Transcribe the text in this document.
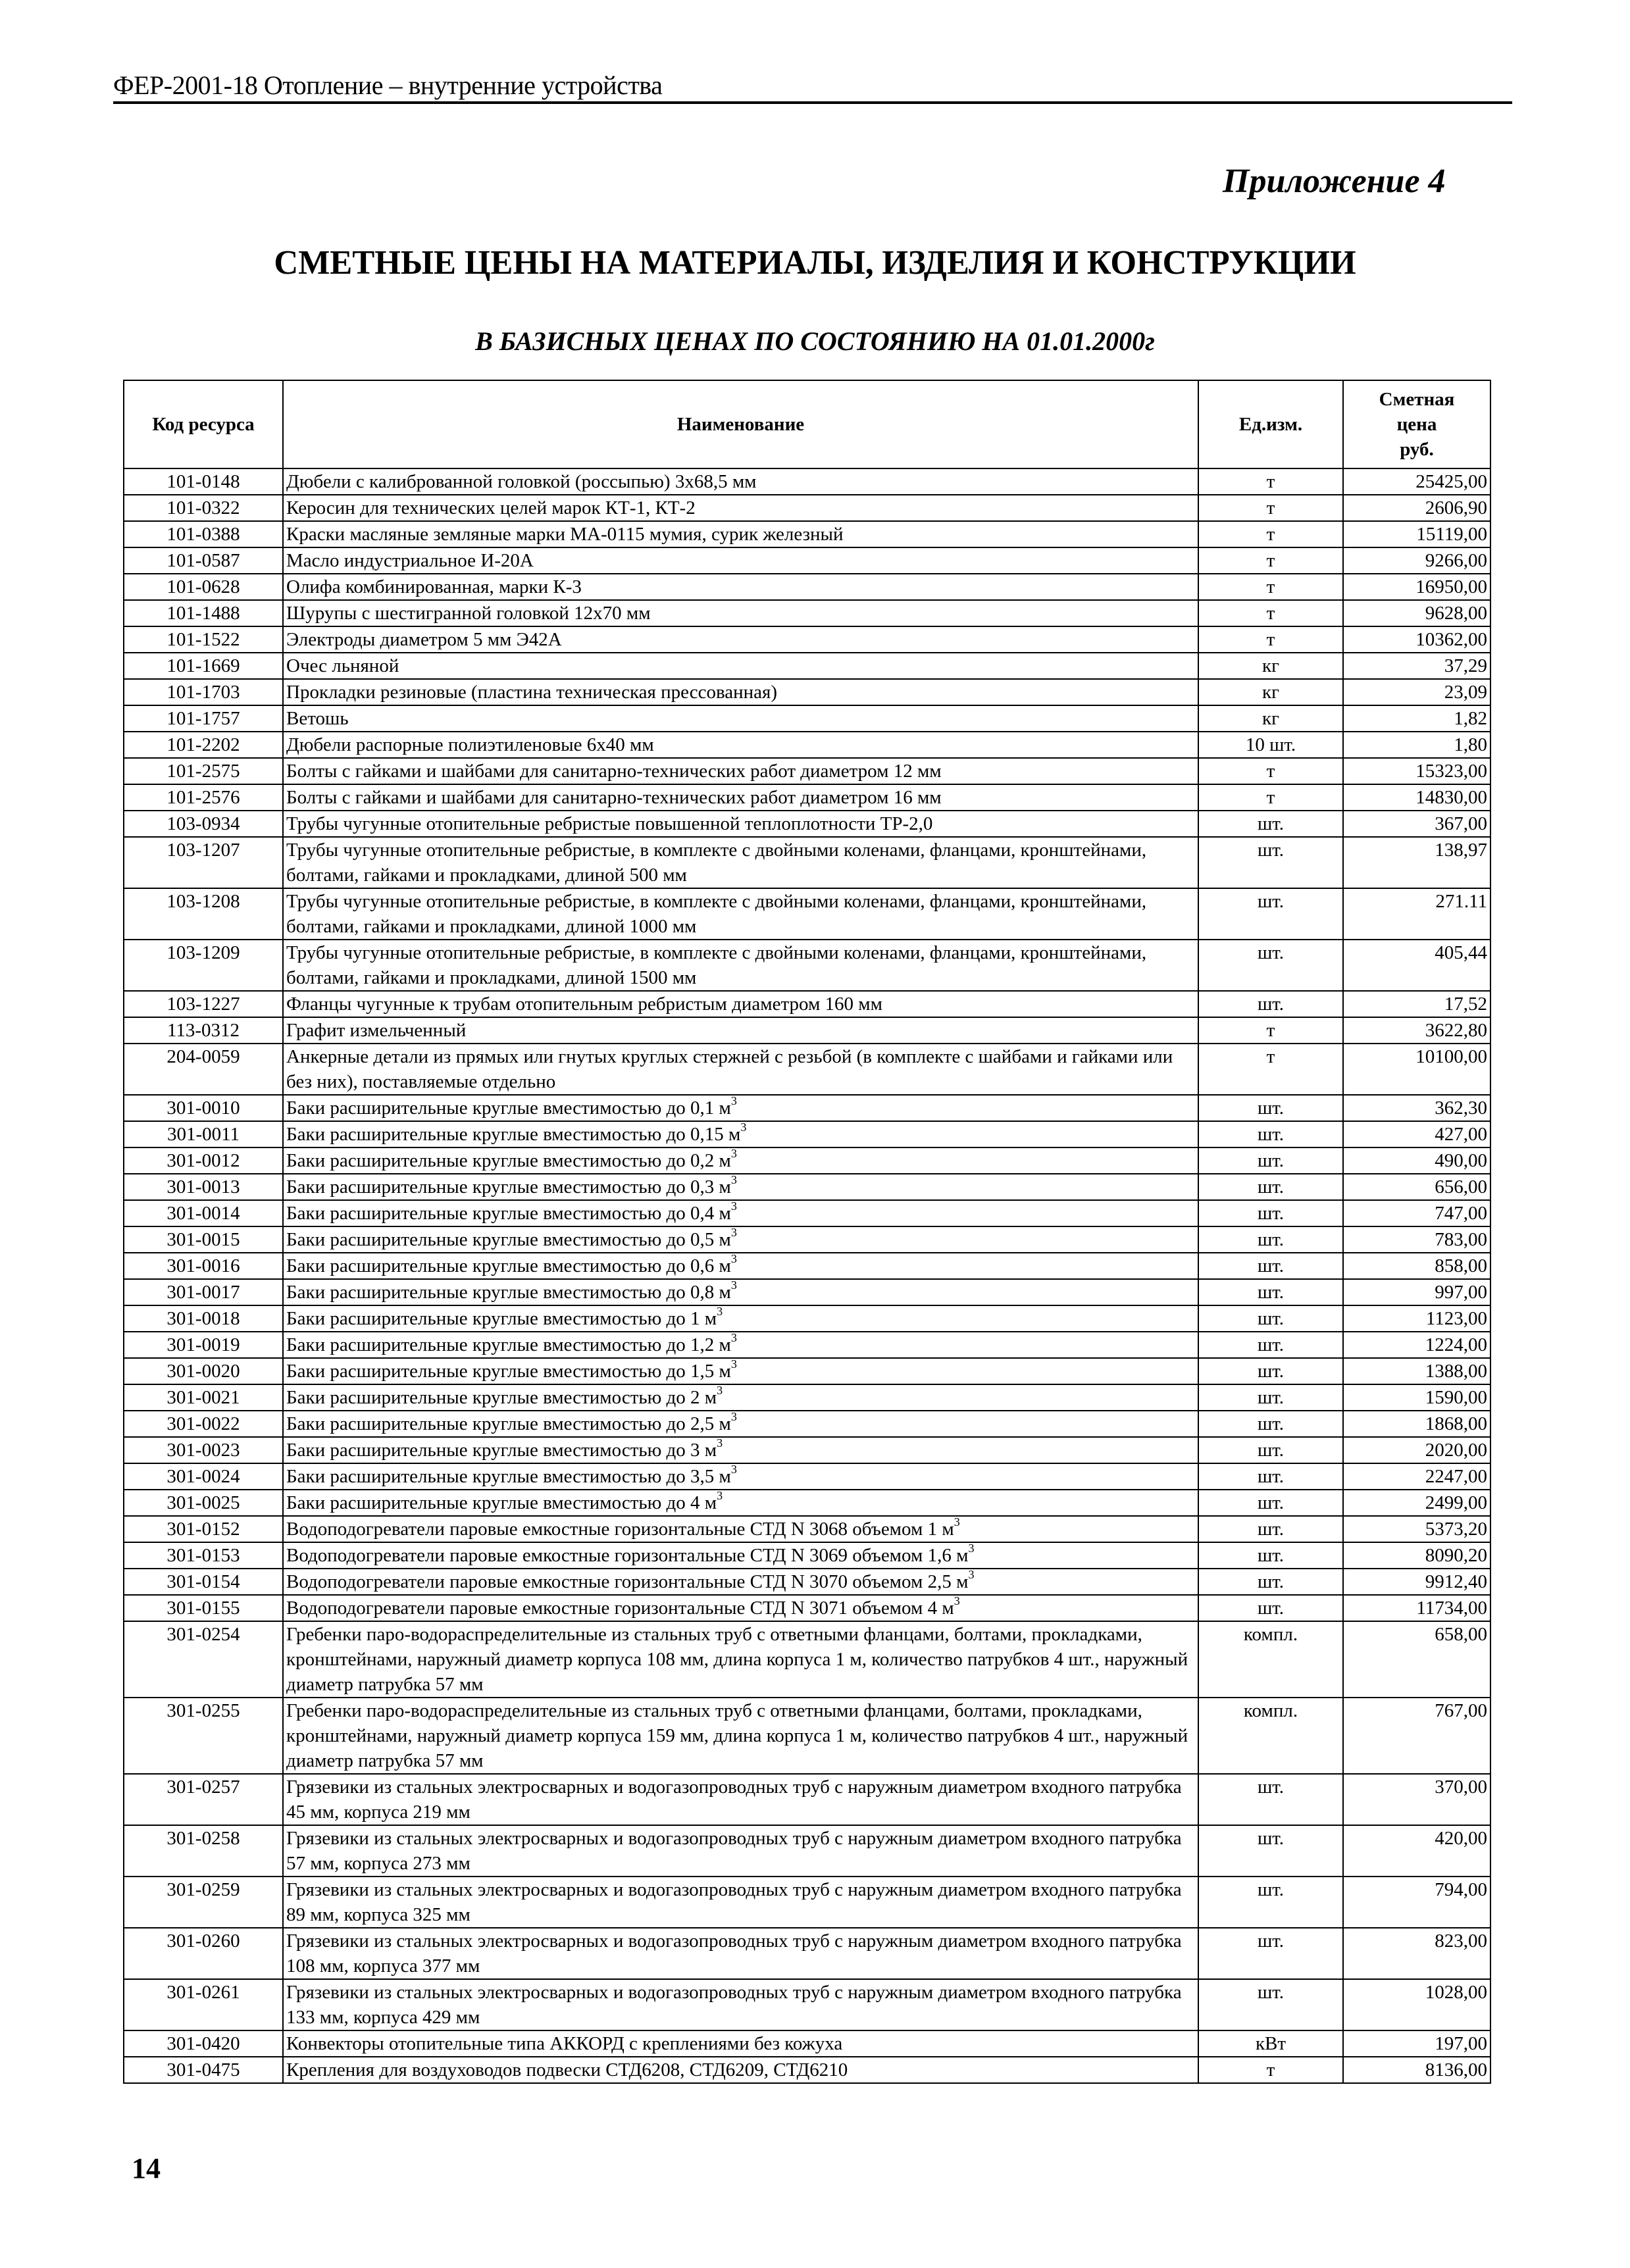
ФЕР-2001-18 Отопление – внутренние устройства
Приложение 4
СМЕТНЫЕ ЦЕНЫ НА МАТЕРИАЛЫ, ИЗДЕЛИЯ И КОНСТРУКЦИИ
В БАЗИСНЫХ ЦЕНАХ ПО СОСТОЯНИЮ НА 01.01.2000г
Код ресурса	Наименование	Ед.изм.	Сметная
цена
руб.

101-0148	Дюбели с калиброванной головкой (россыпью) 3х68,5 мм	т	25425,00
101-0322	Керосин для технических целей марок КТ-1, КТ-2	т	2606,90
101-0388	Краски масляные земляные марки МА-0115 мумия, сурик железный	т	15119,00
101-0587	Масло индустриальное И-20А	т	9266,00
101-0628	Олифа комбинированная, марки К-3	т	16950,00
101-1488	Шурупы с шестигранной головкой 12х70 мм	т	9628,00
101-1522	Электроды диаметром 5 мм Э42А	т	10362,00
101-1669	Очес льняной	кг	37,29
101-1703	Прокладки резиновые (пластина техническая прессованная)	кг	23,09
101-1757	Ветошь	кг	1,82
101-2202	Дюбели распорные полиэтиленовые 6х40 мм	10 шт.	1,80
101-2575	Болты с гайками и шайбами для санитарно-технических работ диаметром 12 мм	т	15323,00
101-2576	Болты с гайками и шайбами для санитарно-технических работ диаметром 16 мм	т	14830,00
103-0934	Трубы чугунные отопительные ребристые повышенной теплоплотности ТР-2,0	шт.	367,00
103-1207	Трубы чугунные отопительные ребристые, в комплекте с двойными коленами, фланцами, кронштейнами, болтами, гайками и прокладками, длиной 500 мм	шт.	138,97
103-1208	Трубы чугунные отопительные ребристые, в комплекте с двойными коленами, фланцами, кронштейнами, болтами, гайками и прокладками, длиной 1000 мм	шт.	271.11
103-1209	Трубы чугунные отопительные ребристые, в комплекте с двойными коленами, фланцами, кронштейнами, болтами, гайками и прокладками, длиной 1500 мм	шт.	405,44
103-1227	Фланцы чугунные к трубам отопительным ребристым диаметром 160 мм	шт.	17,52
113-0312	Графит измельченный	т	3622,80
204-0059	Анкерные детали из прямых или гнутых круглых стержней с резьбой (в комплекте с шайбами и гайками или без них), поставляемые отдельно	т	10100,00
301-0010	Баки расширительные круглые вместимостью до 0,1 $м^3$	шт.	362,30
301-0011	Баки расширительные круглые вместимостью до 0,15 $м^3$	шт.	427,00
301-0012	Баки расширительные круглые вместимостью до 0,2 $м^3$	шт.	490,00
301-0013	Баки расширительные круглые вместимостью до 0,3 $м^3$	шт.	656,00
301-0014	Баки расширительные круглые вместимостью до 0,4 $м^3$	шт.	747,00
301-0015	Баки расширительные круглые вместимостью до 0,5 $м^3$	шт.	783,00
301-0016	Баки расширительные круглые вместимостью до 0,6 $м^3$	шт.	858,00
301-0017	Баки расширительные круглые вместимостью до 0,8 $м^3$	шт.	997,00
301-0018	Баки расширительные круглые вместимостью до 1 $м^3$	шт.	1123,00
301-0019	Баки расширительные круглые вместимостью до 1,2 $м^3$	шт.	1224,00
301-0020	Баки расширительные круглые вместимостью до 1,5 $м^3$	шт.	1388,00
301-0021	Баки расширительные круглые вместимостью до 2 $м^3$	шт.	1590,00
301-0022	Баки расширительные круглые вместимостью до 2,5 $м^3$	шт.	1868,00
301-0023	Баки расширительные круглые вместимостью до 3 $м^3$	шт.	2020,00
301-0024	Баки расширительные круглые вместимостью до 3,5 $м^3$	шт.	2247,00
301-0025	Баки расширительные круглые вместимостью до 4 $м^3$	шт.	2499,00
301-0152	Водоподогреватели паровые емкостные горизонтальные СТД N 3068 объемом 1 $м^3$	шт.	5373,20
301-0153	Водоподогреватели паровые емкостные горизонтальные СТД N 3069 объемом 1,6 $м^3$	шт.	8090,20
301-0154	Водоподогреватели паровые емкостные горизонтальные СТД N 3070 объемом 2,5 $м^3$	шт.	9912,40
301-0155	Водоподогреватели паровые емкостные горизонтальные СТД N 3071 объемом 4 $м^3$	шт.	11734,00
301-0254	Гребенки паро-водораспределительные из стальных труб с ответными фланцами, болтами, прокладками, кронштейнами, наружный диаметр корпуса 108 мм, длина корпуса 1 м, количество патрубков 4 шт., наружный диаметр патрубка 57 мм	компл.	658,00
301-0255	Гребенки паро-водораспределительные из стальных труб с ответными фланцами, болтами, прокладками, кронштейнами, наружный диаметр корпуса 159 мм, длина корпуса 1 м, количество патрубков 4 шт., наружный диаметр патрубка 57 мм	компл.	767,00
301-0257	Грязевики из стальных электросварных и водогазопроводных труб с наружным диаметром входного патрубка 45 мм, корпуса 219 мм	шт.	370,00
301-0258	Грязевики из стальных электросварных и водогазопроводных труб с наружным диаметром входного патрубка 57 мм, корпуса 273 мм	шт.	420,00
301-0259	Грязевики из стальных электросварных и водогазопроводных труб с наружным диаметром входного патрубка 89 мм, корпуса 325 мм	шт.	794,00
301-0260	Грязевики из стальных электросварных и водогазопроводных труб с наружным диаметром входного патрубка 108 мм, корпуса 377 мм	шт.	823,00
301-0261	Грязевики из стальных электросварных и водогазопроводных труб с наружным диаметром входного патрубка 133 мм, корпуса 429 мм	шт.	1028,00
301-0420	Конвекторы отопительные типа АККОРД с креплениями без кожуха	кВт	197,00
301-0475	Крепления для воздуховодов подвески СТД6208, СТД6209, СТД6210	т	8136,00
14
